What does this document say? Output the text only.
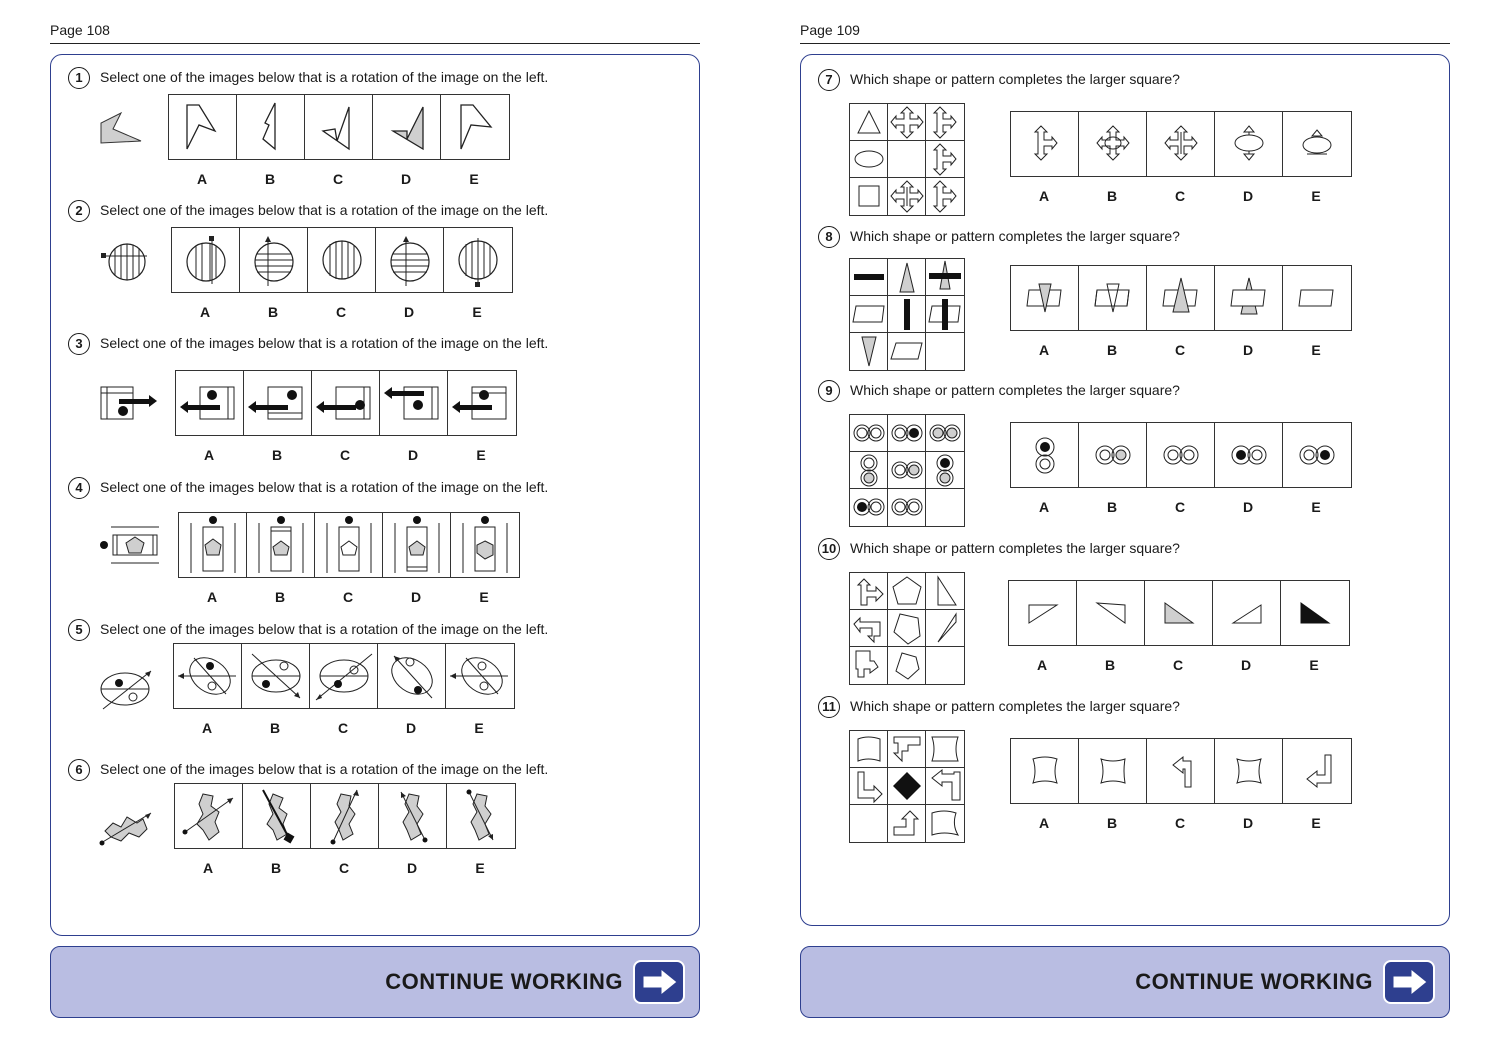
Page 108
1	Select one of the images below that is a rotation of the image on the left.
A	B	C	D	E
2	Select one of the images below that is a rotation of the image on the left.
A	B	C	D	E
3	Select one of the images below that is a rotation of the image on the left.
A	B	C	D	E
4	Select one of the images below that is a rotation of the image on the left.
A	B	C	D	E
5	Select one of the images below that is a rotation of the image on the left.
A	B	C	D	E
6	Select one of the images below that is a rotation of the image on the left.
A	B	C	D	E
CONTINUE WORKING
Page 109
7	Which shape or pattern completes the larger square?
A	B	C	D	E
8	Which shape or pattern completes the larger square?
A	B	C	D	E
9	Which shape or pattern completes the larger square?
A	B	C	D	E
10 Which shape or pattern completes the larger square?
A	B	C	D	E
11 Which shape or pattern completes the larger square?
A	B	C	D	E
CONTINUE WORKING
